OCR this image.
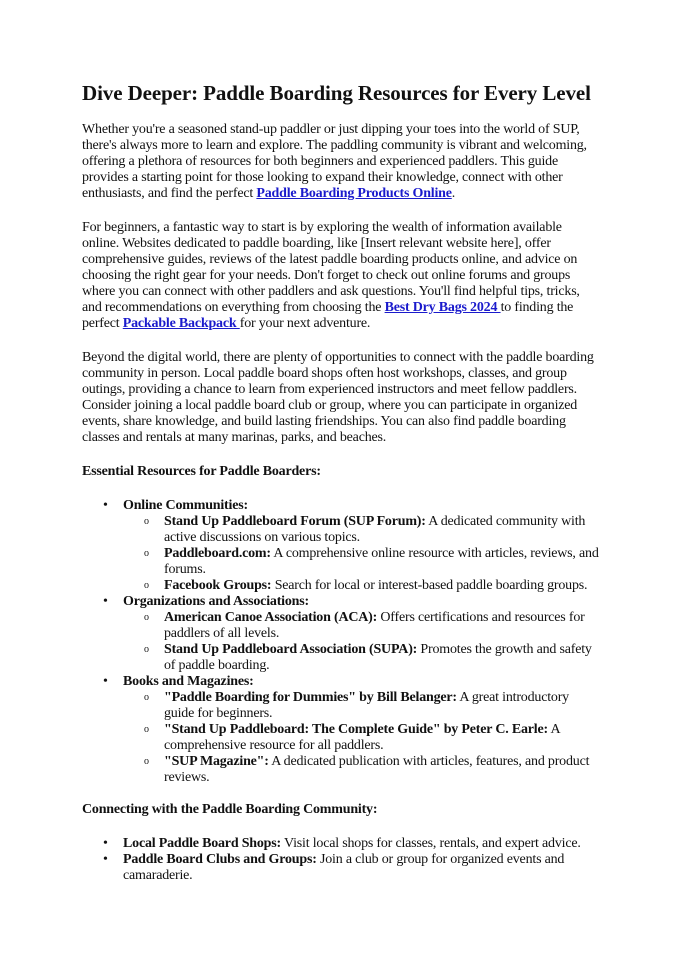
Dive Deeper: Paddle Boarding Resources for Every Level

Whether you're a seasoned stand-up paddler or just dipping your toes into the world of SUP, there's always more to learn and explore. The paddling community is vibrant and welcoming, offering a plethora of resources for both beginners and experienced paddlers. This guide provides a starting point for those looking to expand their knowledge, connect with other enthusiasts, and find the perfect Paddle Boarding Products Online.

For beginners, a fantastic way to start is by exploring the wealth of information available online. Websites dedicated to paddle boarding, like [Insert relevant website here], offer comprehensive guides, reviews of the latest paddle boarding products online, and advice on choosing the right gear for your needs. Don't forget to check out online forums and groups where you can connect with other paddlers and ask questions. You'll find helpful tips, tricks, and recommendations on everything from choosing the Best Dry Bags 2024 to finding the perfect Packable Backpack for your next adventure.

Beyond the digital world, there are plenty of opportunities to connect with the paddle boarding community in person. Local paddle board shops often host workshops, classes, and group outings, providing a chance to learn from experienced instructors and meet fellow paddlers. Consider joining a local paddle board club or group, where you can participate in organized events, share knowledge, and build lasting friendships. You can also find paddle boarding classes and rentals at many marinas, parks, and beaches.

Essential Resources for Paddle Boarders:
• Online Communities:
o Stand Up Paddleboard Forum (SUP Forum): A dedicated community with active discussions on various topics.
o Paddleboard.com: A comprehensive online resource with articles, reviews, and forums.
o Facebook Groups: Search for local or interest-based paddle boarding groups.
• Organizations and Associations:
o American Canoe Association (ACA): Offers certifications and resources for paddlers of all levels.
o Stand Up Paddleboard Association (SUPA): Promotes the growth and safety of paddle boarding.
• Books and Magazines:
o "Paddle Boarding for Dummies" by Bill Belanger: A great introductory guide for beginners.
o "Stand Up Paddleboard: The Complete Guide" by Peter C. Earle: A comprehensive resource for all paddlers.
o "SUP Magazine": A dedicated publication with articles, features, and product reviews.
Connecting with the Paddle Boarding Community:
• Local Paddle Board Shops: Visit local shops for classes, rentals, and expert advice.
• Paddle Board Clubs and Groups: Join a club or group for organized events and camaraderie.
